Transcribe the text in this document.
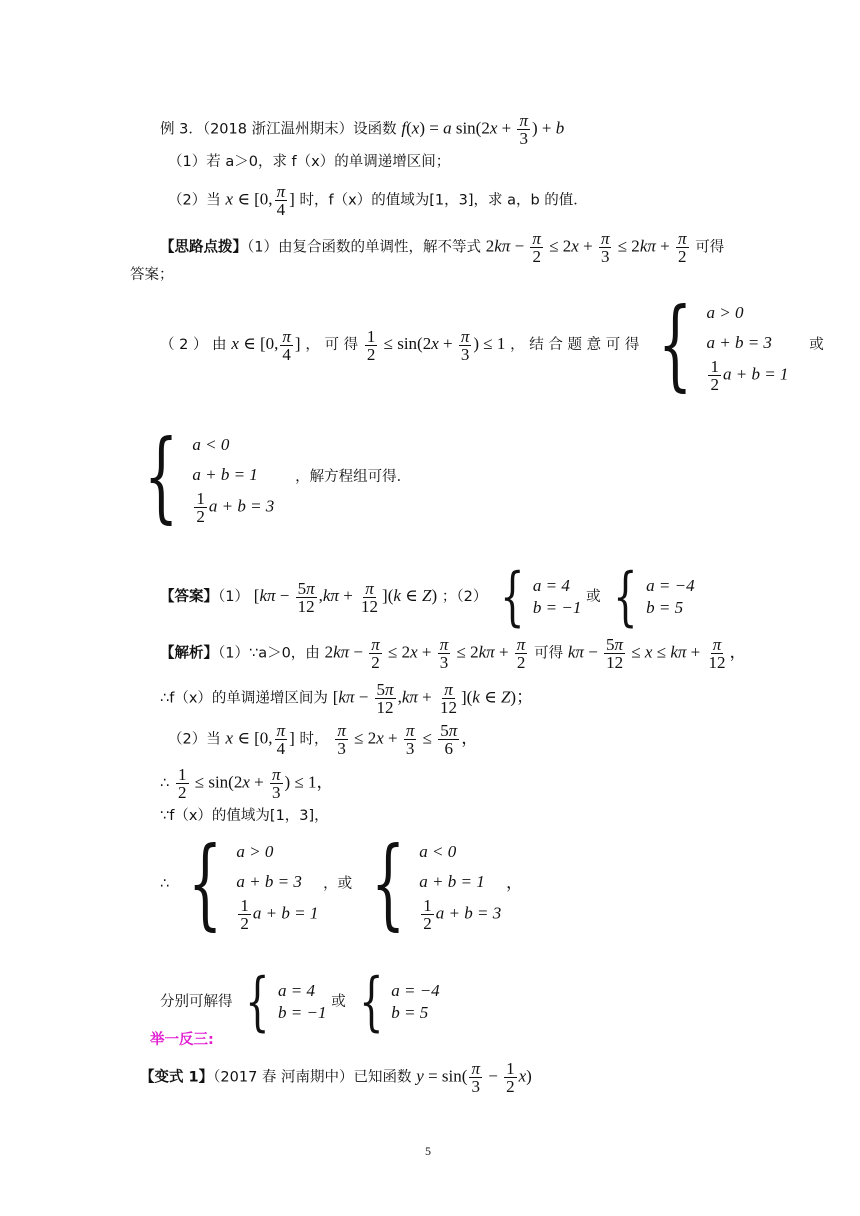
例 3．（2018 浙江温州期末）设函数 f(x) = a $\sin(2x + \frac{\pi}{3}$ ) + b
（1）若 a＞0，求 f（x）的单调递增区间；
（2）当 x ∈ [0, $\frac{\pi}{4}$ ] 时，f（x）的值域为[1，3]，求 a，b 的值．
【思路点拨】（1）由复合函数的单调性，解不等式 $2k\pi - \frac{\pi}{2} \le 2x + \frac{\pi}{3} \le 2k\pi + \frac{\pi}{2}$ 可得
答案；
（ 2 ） 由 x ∈ [0, $\frac{\pi}{4}$ ] ， 可 得 $\frac{1}{2} \le \sin(2x + \frac{\pi}{3}$ ) ≤ 1 ， 结 合 题 意 可 得 { a > 0
a + b = 3
$\frac{1}{2}$ a + b = 1
或
{ a < 0
a + b = 1
$\frac{1}{2}$ a + b = 3
，解方程组可得．
【答案】（1） $[k\pi - \frac{5\pi}{12} ,k\pi + \frac{\pi}{12} ](k$ ∈ Z) ；（2） { a = 4
b = −1
或 { a = −4
b = 5
【解析】（1）∵a＞0，由 $2k\pi - \frac{\pi}{2} \le 2x + \frac{\pi}{3} \le 2k\pi + \frac{\pi}{2}$ 可得 $k\pi - \frac{5\pi}{12} \le x \le k\pi + \frac{\pi}{12}$ ，
∴f（x）的单调递增区间为 $[k\pi - \frac{5\pi}{12} ,k\pi + \frac{\pi}{12} ](k$ ∈ Z)；
（2）当 x ∈ [0, $\frac{\pi}{4}$ ] 时， $\frac{\pi}{3} \le 2x + \frac{\pi}{3} \le \frac{5\pi}{6}$ ，
∴ $\frac{1}{2} \le \sin(2x + \frac{\pi}{3}$ ) ≤ 1，
∵f（x）的值域为[1，3]，
∴ { a > 0
a + b = 3
$\frac{1}{2}$ a + b = 1
，或 { a < 0
a + b = 1
$\frac{1}{2}$ a + b = 3
，
分别可解得 { a = 4
b = −1
或 { a = −4
b = 5
举一反三:
【变式 1】（2017 春 河南期中）已知函数 $y = \sin( \frac{\pi}{3} - \frac{1}{2} x)$
5
